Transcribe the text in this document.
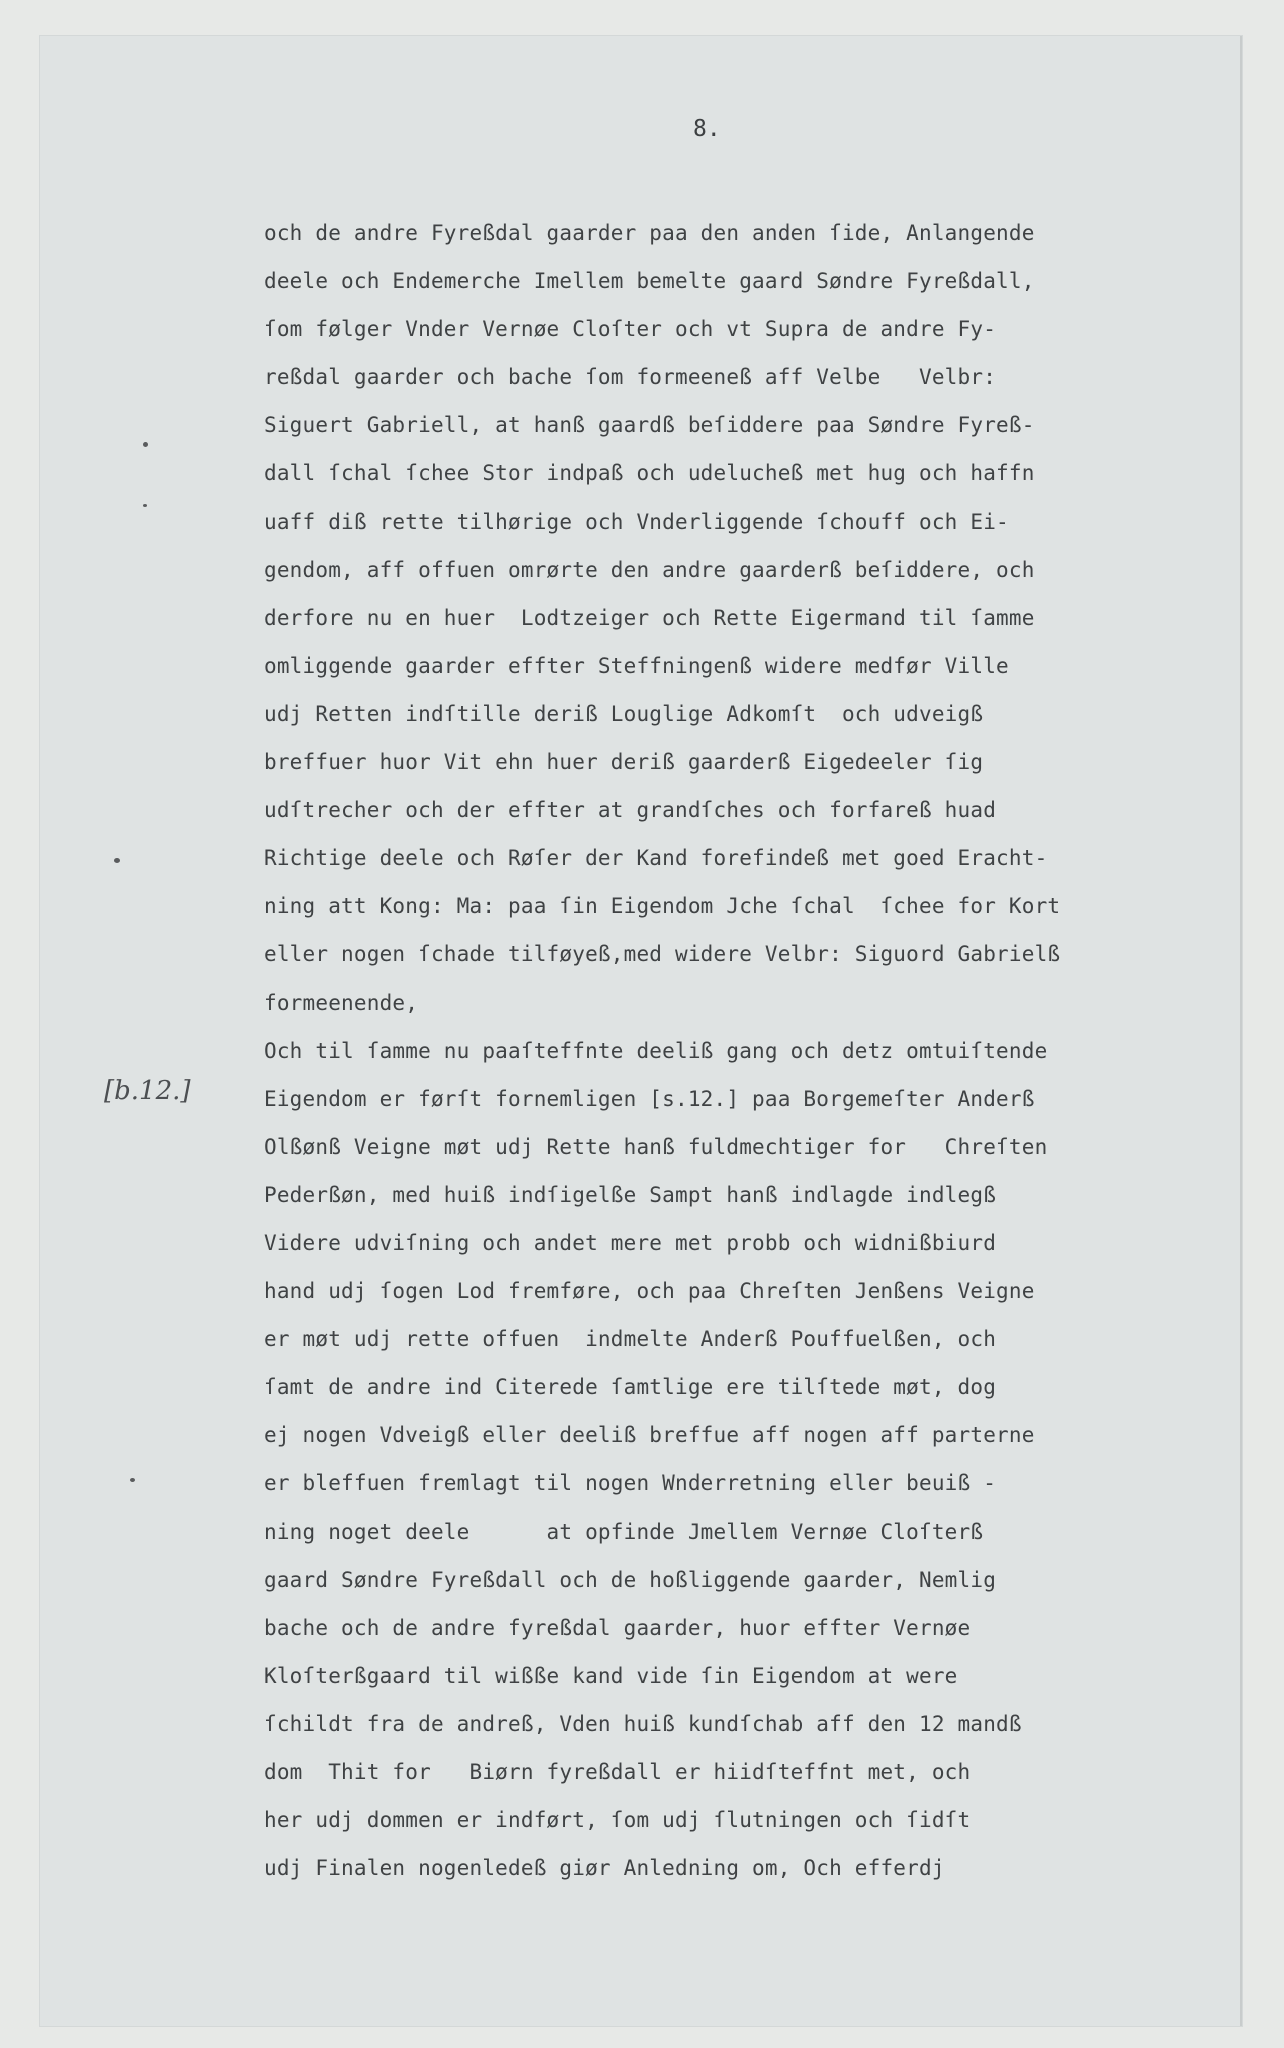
8.

[b.12.]

och de andre Fyreßdal gaarder paa den anden ſide, Anlangende
deele och Endemerche Imellem bemelte gaard Søndre Fyreßdall,
ſom følger Vnder Vernøe Cloſter och vt Supra de andre Fy-
reßdal gaarder och bache ſom formeeneß aff Velbe   Velbr:
Siguert Gabriell, at hanß gaardß beſiddere paa Søndre Fyreß-
dall ſchal ſchee Stor indpaß och udelucheß met hug och haffn
uaff diß rette tilhørige och Vnderliggende ſchouff och Ei-
gendom, aff offuen omrørte den andre gaarderß beſiddere, och
derfore nu en huer  Lodtzeiger och Rette Eigermand til ſamme
omliggende gaarder effter Steffningenß widere medfør Ville
udj Retten indſtille deriß Louglige Adkomſt  och udveigß
breffuer huor Vit ehn huer deriß gaarderß Eigedeeler ſig
udſtrecher och der effter at grandſches och forfareß huad
Richtige deele och Røſer der Kand forefindeß met goed Eracht-
ning att Kong: Ma: paa ſin Eigendom Jche ſchal  ſchee for Kort
eller nogen ſchade tilføyeß,med widere Velbr: Siguord Gabrielß
formeenende,
Och til ſamme nu paaſteffnte deeliß gang och detz omtuiſtende
Eigendom er førſt fornemligen [s.12.] paa Borgemeſter Anderß
Olßønß Veigne møt udj Rette hanß fuldmechtiger for   Chreſten
Pederßøn, med huiß indſigelße Sampt hanß indlagde indlegß
Videre udviſning och andet mere met probb och widnißbiurd
hand udj ſogen Lod fremføre, och paa Chreſten Jenßens Veigne
er møt udj rette offuen  indmelte Anderß Pouffuelßen, och
ſamt de andre ind Citerede ſamtlige ere tilſtede møt, dog
ej nogen Vdveigß eller deeliß breffue aff nogen aff parterne
er bleffuen fremlagt til nogen Wnderretning eller beuiß -
ning noget deele      at opfinde Jmellem Vernøe Cloſterß
gaard Søndre Fyreßdall och de hoßliggende gaarder, Nemlig
bache och de andre fyreßdal gaarder, huor effter Vernøe
Kloſterßgaard til wißße kand vide ſin Eigendom at were
ſchildt fra de andreß, Vden huiß kundſchab aff den 12 mandß
dom  Thit for   Biørn fyreßdall er hiidſteffnt met, och
her udj dommen er indført, ſom udj ſlutningen och ſidſt
udj Finalen nogenledeß giør Anledning om, Och efferdj
